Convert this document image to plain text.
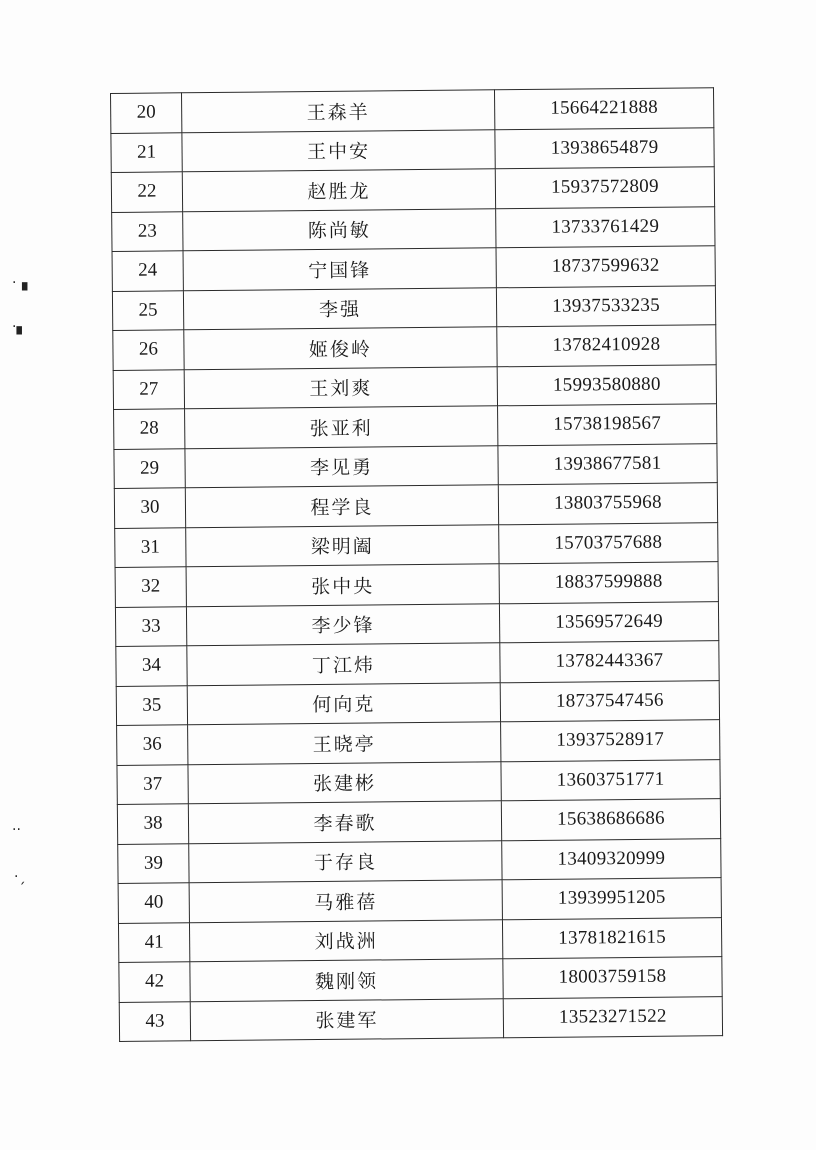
·▗
·▖
··
·ˏ
20	王森羊	15664221888
21	王中安	13938654879
22	赵胜龙	15937572809
23	陈尚敏	13733761429
24	宁国锋	18737599632
25	李强	13937533235
26	姬俊岭	13782410928
27	王刘爽	15993580880
28	张亚利	15738198567
29	李见勇	13938677581
30	程学良	13803755968
31	梁明阖	15703757688
32	张中央	18837599888
33	李少锋	13569572649
34	丁江炜	13782443367
35	何向克	18737547456
36	王晓亭	13937528917
37	张建彬	13603751771
38	李春歌	15638686686
39	于存良	13409320999
40	马雅蓓	13939951205
41	刘战洲	13781821615
42	魏刚领	18003759158
43	张建军	13523271522
